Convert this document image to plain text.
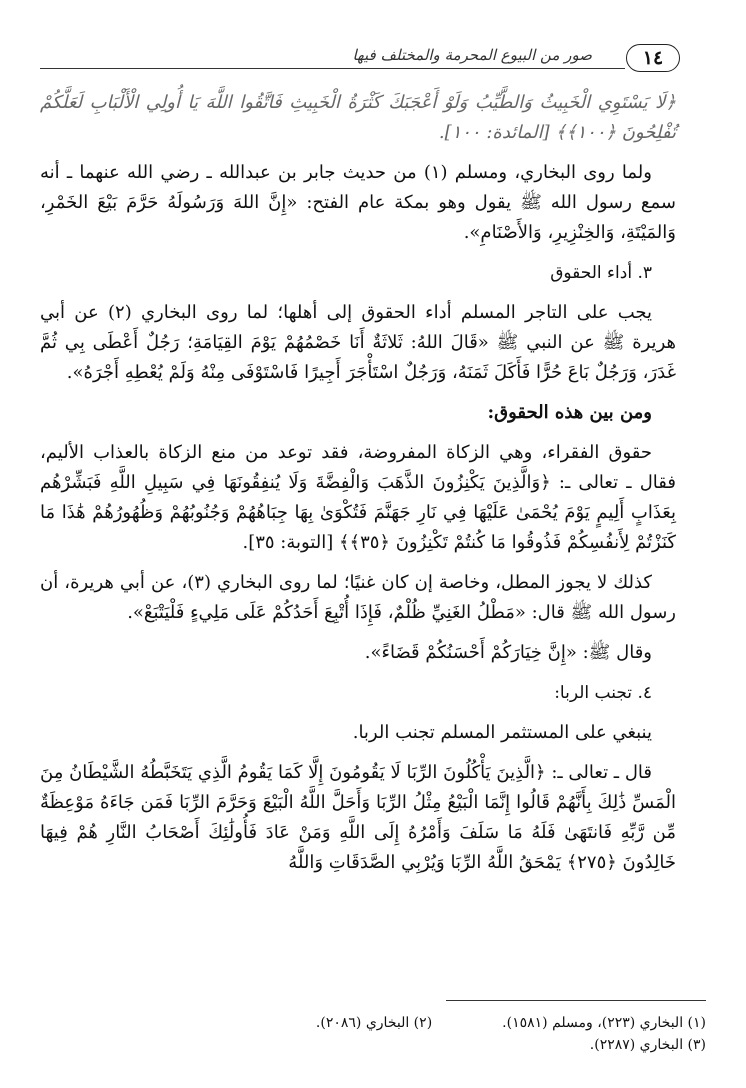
١٤
صور من البيوع المحرمة والمختلف فيها

﴿لَا يَسْتَوِي الْخَبِيثُ وَالطَّيِّبُ وَلَوْ أَعْجَبَكَ كَثْرَةُ الْخَبِيثِ فَاتَّقُوا اللَّهَ يَا أُولِي الْأَلْبَابِ لَعَلَّكُمْ تُفْلِحُونَ ﴿١٠٠﴾﴾ [المائدة: ١٠٠].

ولما روى البخاري، ومسلم (١) من حديث جابر بن عبدالله ـ رضي الله عنهما ـ أنه سمع رسول الله ﷺ يقول وهو بمكة عام الفتح: «إِنَّ اللهَ وَرَسُولَهُ حَرَّمَ بَيْعَ الخَمْرِ، وَالمَيْتَةِ، وَالخِنْزِيرِ، وَالأَصْنَامِ».

٣. أداء الحقوق

يجب على التاجر المسلم أداء الحقوق إلى أهلها؛ لما روى البخاري (٢) عن أبي هريرة ﷺ عن النبي ﷺ «قَالَ اللهُ: ثَلاثَةٌ أَنَا خَصْمُهُمْ يَوْمَ القِيَامَةِ؛ رَجُلٌ أَعْطَى بِي ثُمَّ غَدَرَ، وَرَجُلٌ بَاعَ حُرًّا فَأَكَلَ ثَمَنَهُ، وَرَجُلٌ اسْتَأْجَرَ أَجِيرًا فَاسْتَوْفَى مِنْهُ وَلَمْ يُعْطِهِ أَجْرَهُ».

ومن بين هذه الحقوق:

حقوق الفقراء، وهي الزكاة المفروضة، فقد توعد من منع الزكاة بالعذاب الأليم، فقال ـ تعالى ـ: ﴿وَالَّذِينَ يَكْنِزُونَ الذَّهَبَ وَالْفِضَّةَ وَلَا يُنفِقُونَهَا فِي سَبِيلِ اللَّهِ فَبَشِّرْهُم بِعَذَابٍ أَلِيمٍ يَوْمَ يُحْمَىٰ عَلَيْهَا فِي نَارِ جَهَنَّمَ فَتُكْوَىٰ بِهَا جِبَاهُهُمْ وَجُنُوبُهُمْ وَظُهُورُهُمْ هَٰذَا مَا كَنَزْتُمْ لِأَنفُسِكُمْ فَذُوقُوا مَا كُنتُمْ تَكْنِزُونَ ﴿٣٥﴾﴾ [التوبة: ٣٥].

كذلك لا يجوز المطل، وخاصة إن كان غنيًا؛ لما روى البخاري (٣)، عن أبي هريرة، أن رسول الله ﷺ قال: «مَطْلُ الغَنِيِّ ظُلْمٌ، فَإِذَا أُتْبِعَ أَحَدُكُمْ عَلَى مَلِيءٍ فَلْيَتْبَعْ».

وقال ﷺ: «إِنَّ خِيَارَكُمْ أَحْسَنُكُمْ قَضَاءً».

٤. تجنب الربا:

ينبغي على المستثمر المسلم تجنب الربا.

قال ـ تعالى ـ: ﴿الَّذِينَ يَأْكُلُونَ الرِّبَا لَا يَقُومُونَ إِلَّا كَمَا يَقُومُ الَّذِي يَتَخَبَّطُهُ الشَّيْطَانُ مِنَ الْمَسِّ ذَٰلِكَ بِأَنَّهُمْ قَالُوا إِنَّمَا الْبَيْعُ مِثْلُ الرِّبَا وَأَحَلَّ اللَّهُ الْبَيْعَ وَحَرَّمَ الرِّبَا فَمَن جَاءَهُ مَوْعِظَةٌ مِّن رَّبِّهِ فَانتَهَىٰ فَلَهُ مَا سَلَفَ وَأَمْرُهُ إِلَى اللَّهِ وَمَنْ عَادَ فَأُولَٰئِكَ أَصْحَابُ النَّارِ هُمْ فِيهَا خَالِدُونَ ﴿٢٧٥﴾ يَمْحَقُ اللَّهُ الرِّبَا وَيُرْبِي الصَّدَقَاتِ وَاللَّهُ

(١) البخاري (٢٢٣)، ومسلم (١٥٨١).
(٢) البخاري (٢٠٨٦).
(٣) البخاري (٢٢٨٧).
